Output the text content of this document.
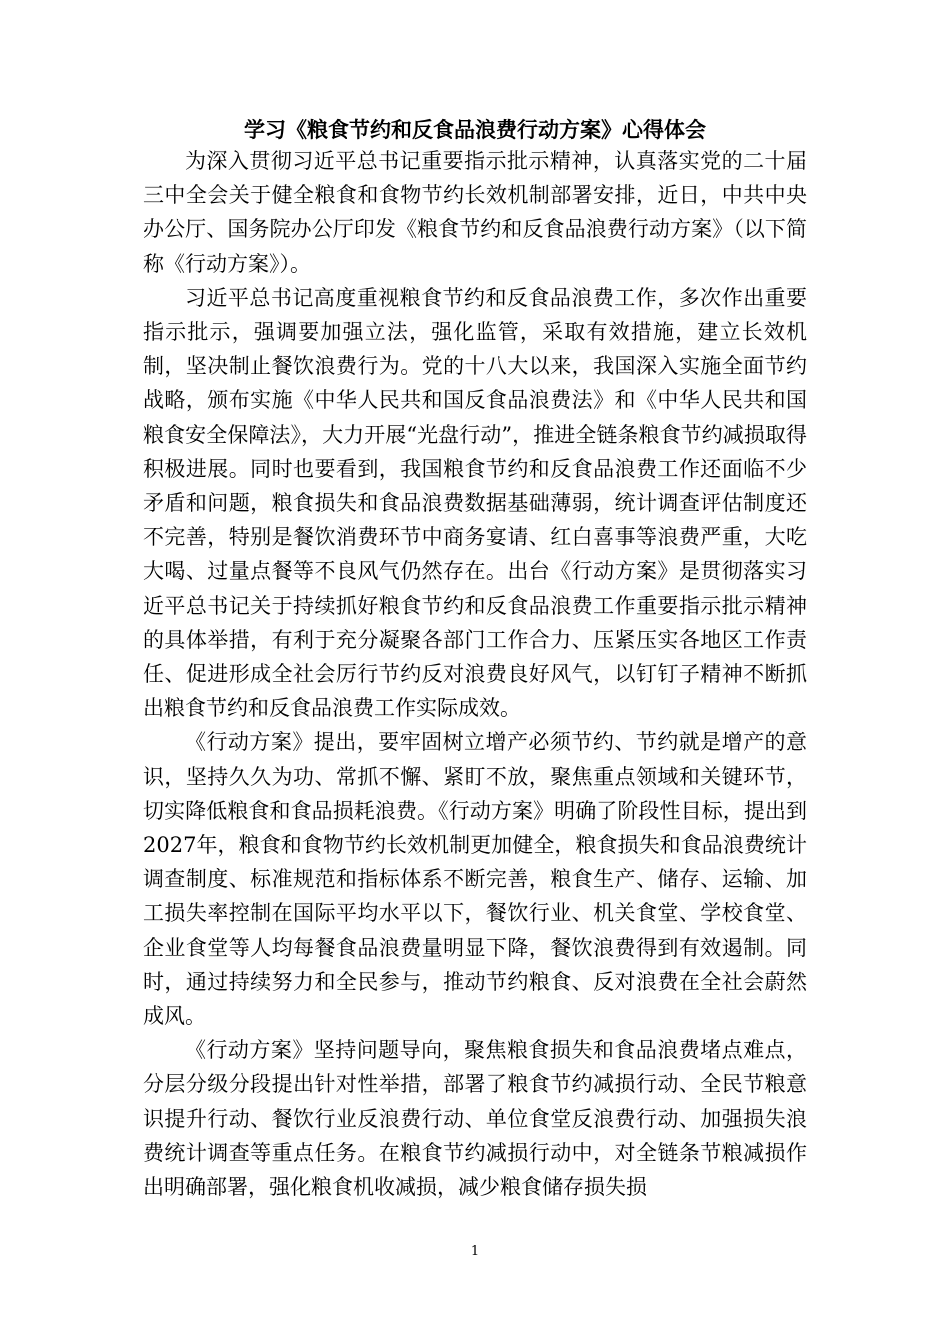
学习《粮食节约和反食品浪费行动方案》心得体会

为深入贯彻习近平总书记重要指示批示精神，认真落实党的二十届三中全会关于健全粮食和食物节约长效机制部署安排，近日，中共中央办公厅、国务院办公厅印发《粮食节约和反食品浪费行动方案》（以下简称《行动方案》）。

习近平总书记高度重视粮食节约和反食品浪费工作，多次作出重要指示批示，强调要加强立法，强化监管，采取有效措施，建立长效机制，坚决制止餐饮浪费行为。党的十八大以来，我国深入实施全面节约战略，颁布实施《中华人民共和国反食品浪费法》和《中华人民共和国粮食安全保障法》，大力开展“光盘行动”，推进全链条粮食节约减损取得积极进展。同时也要看到，我国粮食节约和反食品浪费工作还面临不少矛盾和问题，粮食损失和食品浪费数据基础薄弱，统计调查评估制度还不完善，特别是餐饮消费环节中商务宴请、红白喜事等浪费严重，大吃大喝、过量点餐等不良风气仍然存在。出台《行动方案》是贯彻落实习近平总书记关于持续抓好粮食节约和反食品浪费工作重要指示批示精神的具体举措，有利于充分凝聚各部门工作合力、压紧压实各地区工作责任、促进形成全社会厉行节约反对浪费良好风气，以钉钉子精神不断抓出粮食节约和反食品浪费工作实际成效。

《行动方案》提出，要牢固树立增产必须节约、节约就是增产的意识，坚持久久为功、常抓不懈、紧盯不放，聚焦重点领域和关键环节，切实降低粮食和食品损耗浪费。《行动方案》明确了阶段性目标，提出到2027年，粮食和食物节约长效机制更加健全，粮食损失和食品浪费统计调查制度、标准规范和指标体系不断完善，粮食生产、储存、运输、加工损失率控制在国际平均水平以下，餐饮行业、机关食堂、学校食堂、企业食堂等人均每餐食品浪费量明显下降，餐饮浪费得到有效遏制。同时，通过持续努力和全民参与，推动节约粮食、反对浪费在全社会蔚然成风。

《行动方案》坚持问题导向，聚焦粮食损失和食品浪费堵点难点，分层分级分段提出针对性举措，部署了粮食节约减损行动、全民节粮意识提升行动、餐饮行业反浪费行动、单位食堂反浪费行动、加强损失浪费统计调查等重点任务。在粮食节约减损行动中，对全链条节粮减损作出明确部署，强化粮食机收减损，减少粮食储存损失损

1
